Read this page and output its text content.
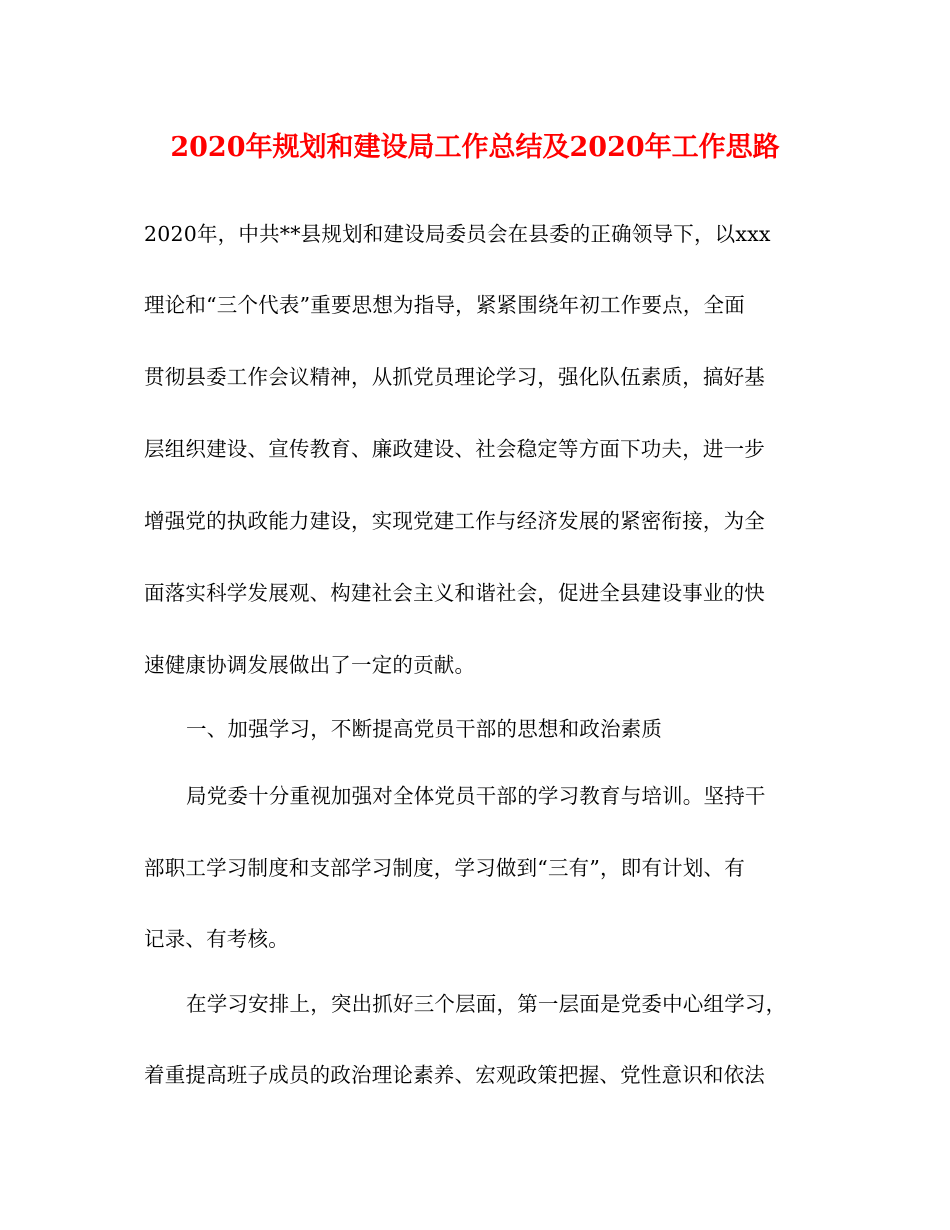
2020年规划和建设局工作总结及2020年工作思路
2020年，中共**县规划和建设局委员会在县委的正确领导下，以xxx
理论和“三个代表”重要思想为指导，紧紧围绕年初工作要点，全面
贯彻县委工作会议精神，从抓党员理论学习，强化队伍素质，搞好基
层组织建设、宣传教育、廉政建设、社会稳定等方面下功夫，进一步
增强党的执政能力建设，实现党建工作与经济发展的紧密衔接，为全
面落实科学发展观、构建社会主义和谐社会，促进全县建设事业的快
速健康协调发展做出了一定的贡献。
一、加强学习，不断提高党员干部的思想和政治素质
局党委十分重视加强对全体党员干部的学习教育与培训。坚持干
部职工学习制度和支部学习制度，学习做到“三有”，即有计划、有
记录、有考核。
在学习安排上，突出抓好三个层面，第一层面是党委中心组学习，
着重提高班子成员的政治理论素养、宏观政策把握、党性意识和依法
